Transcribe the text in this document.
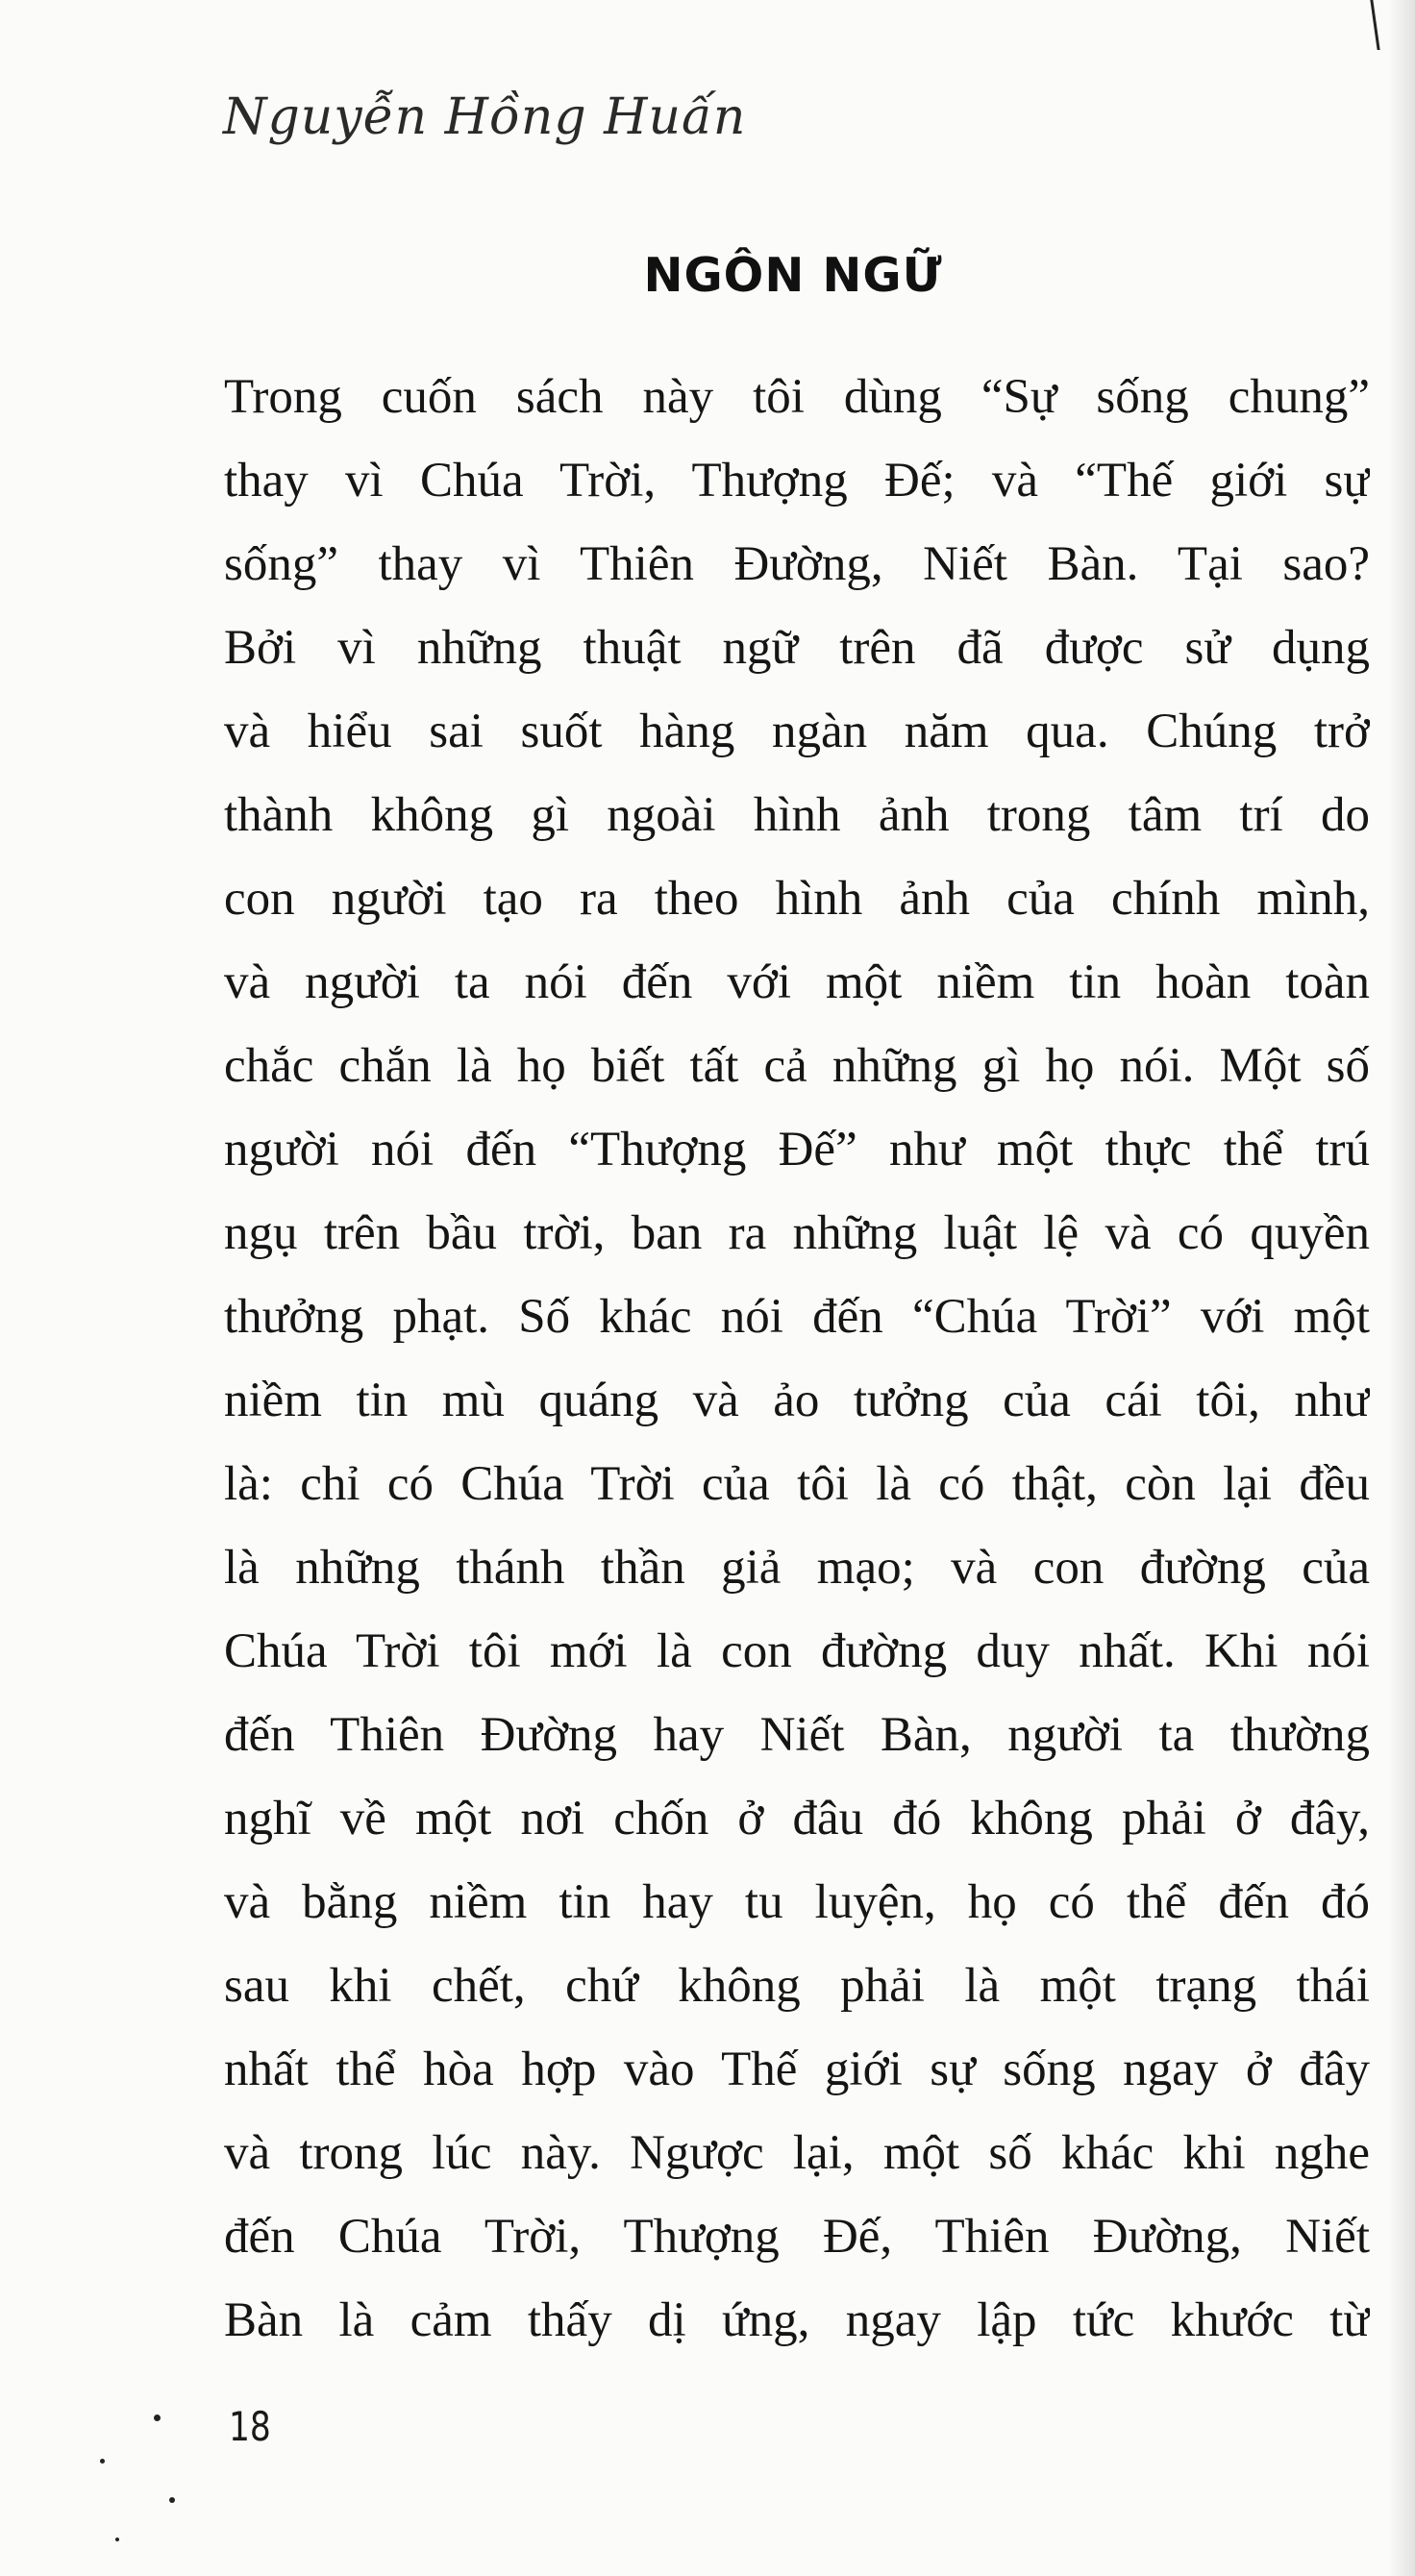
Nguyễn Hồng Huấn
NGÔN NGỮ
Trong cuốn sách này tôi dùng “Sự sống chung”
thay vì Chúa Trời, Thượng Đế; và “Thế giới sự
sống” thay vì Thiên Đường, Niết Bàn. Tại sao?
Bởi vì những thuật ngữ trên đã được sử dụng
và hiểu sai suốt hàng ngàn năm qua. Chúng trở
thành không gì ngoài hình ảnh trong tâm trí do
con người tạo ra theo hình ảnh của chính mình,
và người ta nói đến với một niềm tin hoàn toàn
chắc chắn là họ biết tất cả những gì họ nói. Một số
người nói đến “Thượng Đế” như một thực thể trú
ngụ trên bầu trời, ban ra những luật lệ và có quyền
thưởng phạt. Số khác nói đến “Chúa Trời” với một
niềm tin mù quáng và ảo tưởng của cái tôi, như
là: chỉ có Chúa Trời của tôi là có thật, còn lại đều
là những thánh thần giả mạo; và con đường của
Chúa Trời tôi mới là con đường duy nhất. Khi nói
đến Thiên Đường hay Niết Bàn, người ta thường
nghĩ về một nơi chốn ở đâu đó không phải ở đây,
và bằng niềm tin hay tu luyện, họ có thể đến đó
sau khi chết, chứ không phải là một trạng thái
nhất thể hòa hợp vào Thế giới sự sống ngay ở đây
và trong lúc này. Ngược lại, một số khác khi nghe
đến Chúa Trời, Thượng Đế, Thiên Đường, Niết
Bàn là cảm thấy dị ứng, ngay lập tức khước từ
18
